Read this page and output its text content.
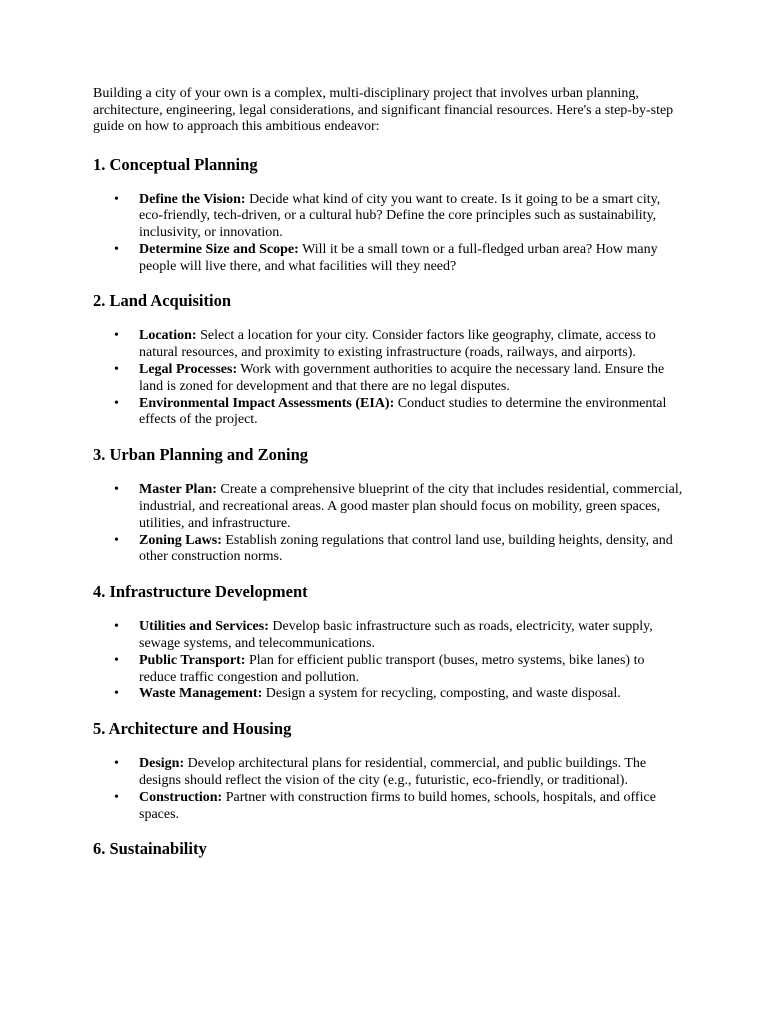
Building a city of your own is a complex, multi-disciplinary project that involves urban planning, architecture, engineering, legal considerations, and significant financial resources. Here's a step-by-step guide on how to approach this ambitious endeavor:

1. Conceptual Planning
• Define the Vision: Decide what kind of city you want to create. Is it going to be a smart city, eco-friendly, tech-driven, or a cultural hub? Define the core principles such as sustainability, inclusivity, or innovation.
• Determine Size and Scope: Will it be a small town or a full-fledged urban area? How many people will live there, and what facilities will they need?
2. Land Acquisition
• Location: Select a location for your city. Consider factors like geography, climate, access to natural resources, and proximity to existing infrastructure (roads, railways, and airports).
• Legal Processes: Work with government authorities to acquire the necessary land. Ensure the land is zoned for development and that there are no legal disputes.
• Environmental Impact Assessments (EIA): Conduct studies to determine the environmental effects of the project.
3. Urban Planning and Zoning
• Master Plan: Create a comprehensive blueprint of the city that includes residential, commercial, industrial, and recreational areas. A good master plan should focus on mobility, green spaces, utilities, and infrastructure.
• Zoning Laws: Establish zoning regulations that control land use, building heights, density, and other construction norms.
4. Infrastructure Development
• Utilities and Services: Develop basic infrastructure such as roads, electricity, water supply, sewage systems, and telecommunications.
• Public Transport: Plan for efficient public transport (buses, metro systems, bike lanes) to reduce traffic congestion and pollution.
• Waste Management: Design a system for recycling, composting, and waste disposal.
5. Architecture and Housing
• Design: Develop architectural plans for residential, commercial, and public buildings. The designs should reflect the vision of the city (e.g., futuristic, eco-friendly, or traditional).
• Construction: Partner with construction firms to build homes, schools, hospitals, and office spaces.
6. Sustainability
